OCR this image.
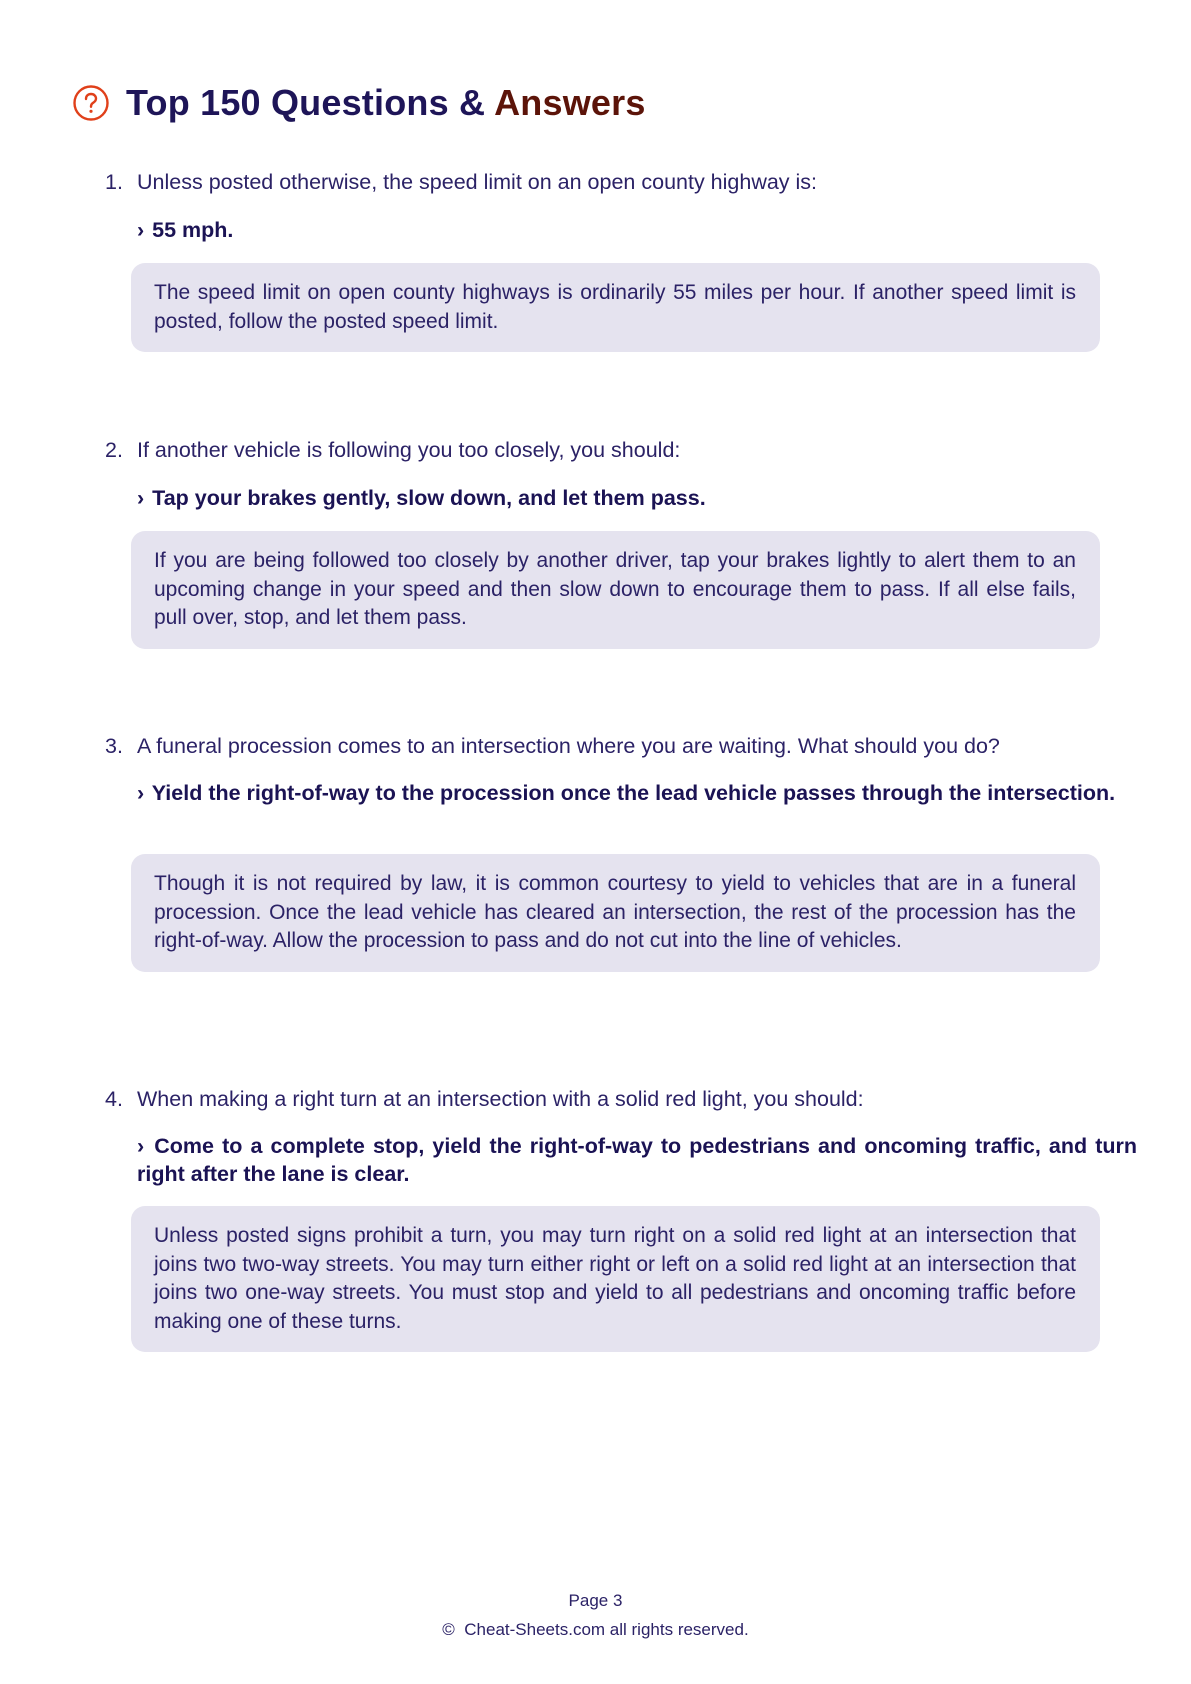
Top 150 Questions & Answers
1. Unless posted otherwise, the speed limit on an open county highway is:
› 55 mph.
The speed limit on open county highways is ordinarily 55 miles per hour. If another speed limit is posted, follow the posted speed limit.
2. If another vehicle is following you too closely, you should:
› Tap your brakes gently, slow down, and let them pass.
If you are being followed too closely by another driver, tap your brakes lightly to alert them to an upcoming change in your speed and then slow down to encourage them to pass. If all else fails, pull over, stop, and let them pass.
3. A funeral procession comes to an intersection where you are waiting. What should you do?
› Yield the right-of-way to the procession once the lead vehicle passes through the intersection.
Though it is not required by law, it is common courtesy to yield to vehicles that are in a funeral procession. Once the lead vehicle has cleared an intersection, the rest of the procession has the right-of-way. Allow the procession to pass and do not cut into the line of vehicles.
4. When making a right turn at an intersection with a solid red light, you should:
› Come to a complete stop, yield the right-of-way to pedestrians and oncoming traffic, and turn right after the lane is clear.
Unless posted signs prohibit a turn, you may turn right on a solid red light at an intersection that joins two two-way streets. You may turn either right or left on a solid red light at an intersection that joins two one-way streets. You must stop and yield to all pedestrians and oncoming traffic before making one of these turns.
Page 3
© Cheat-Sheets.com all rights reserved.
